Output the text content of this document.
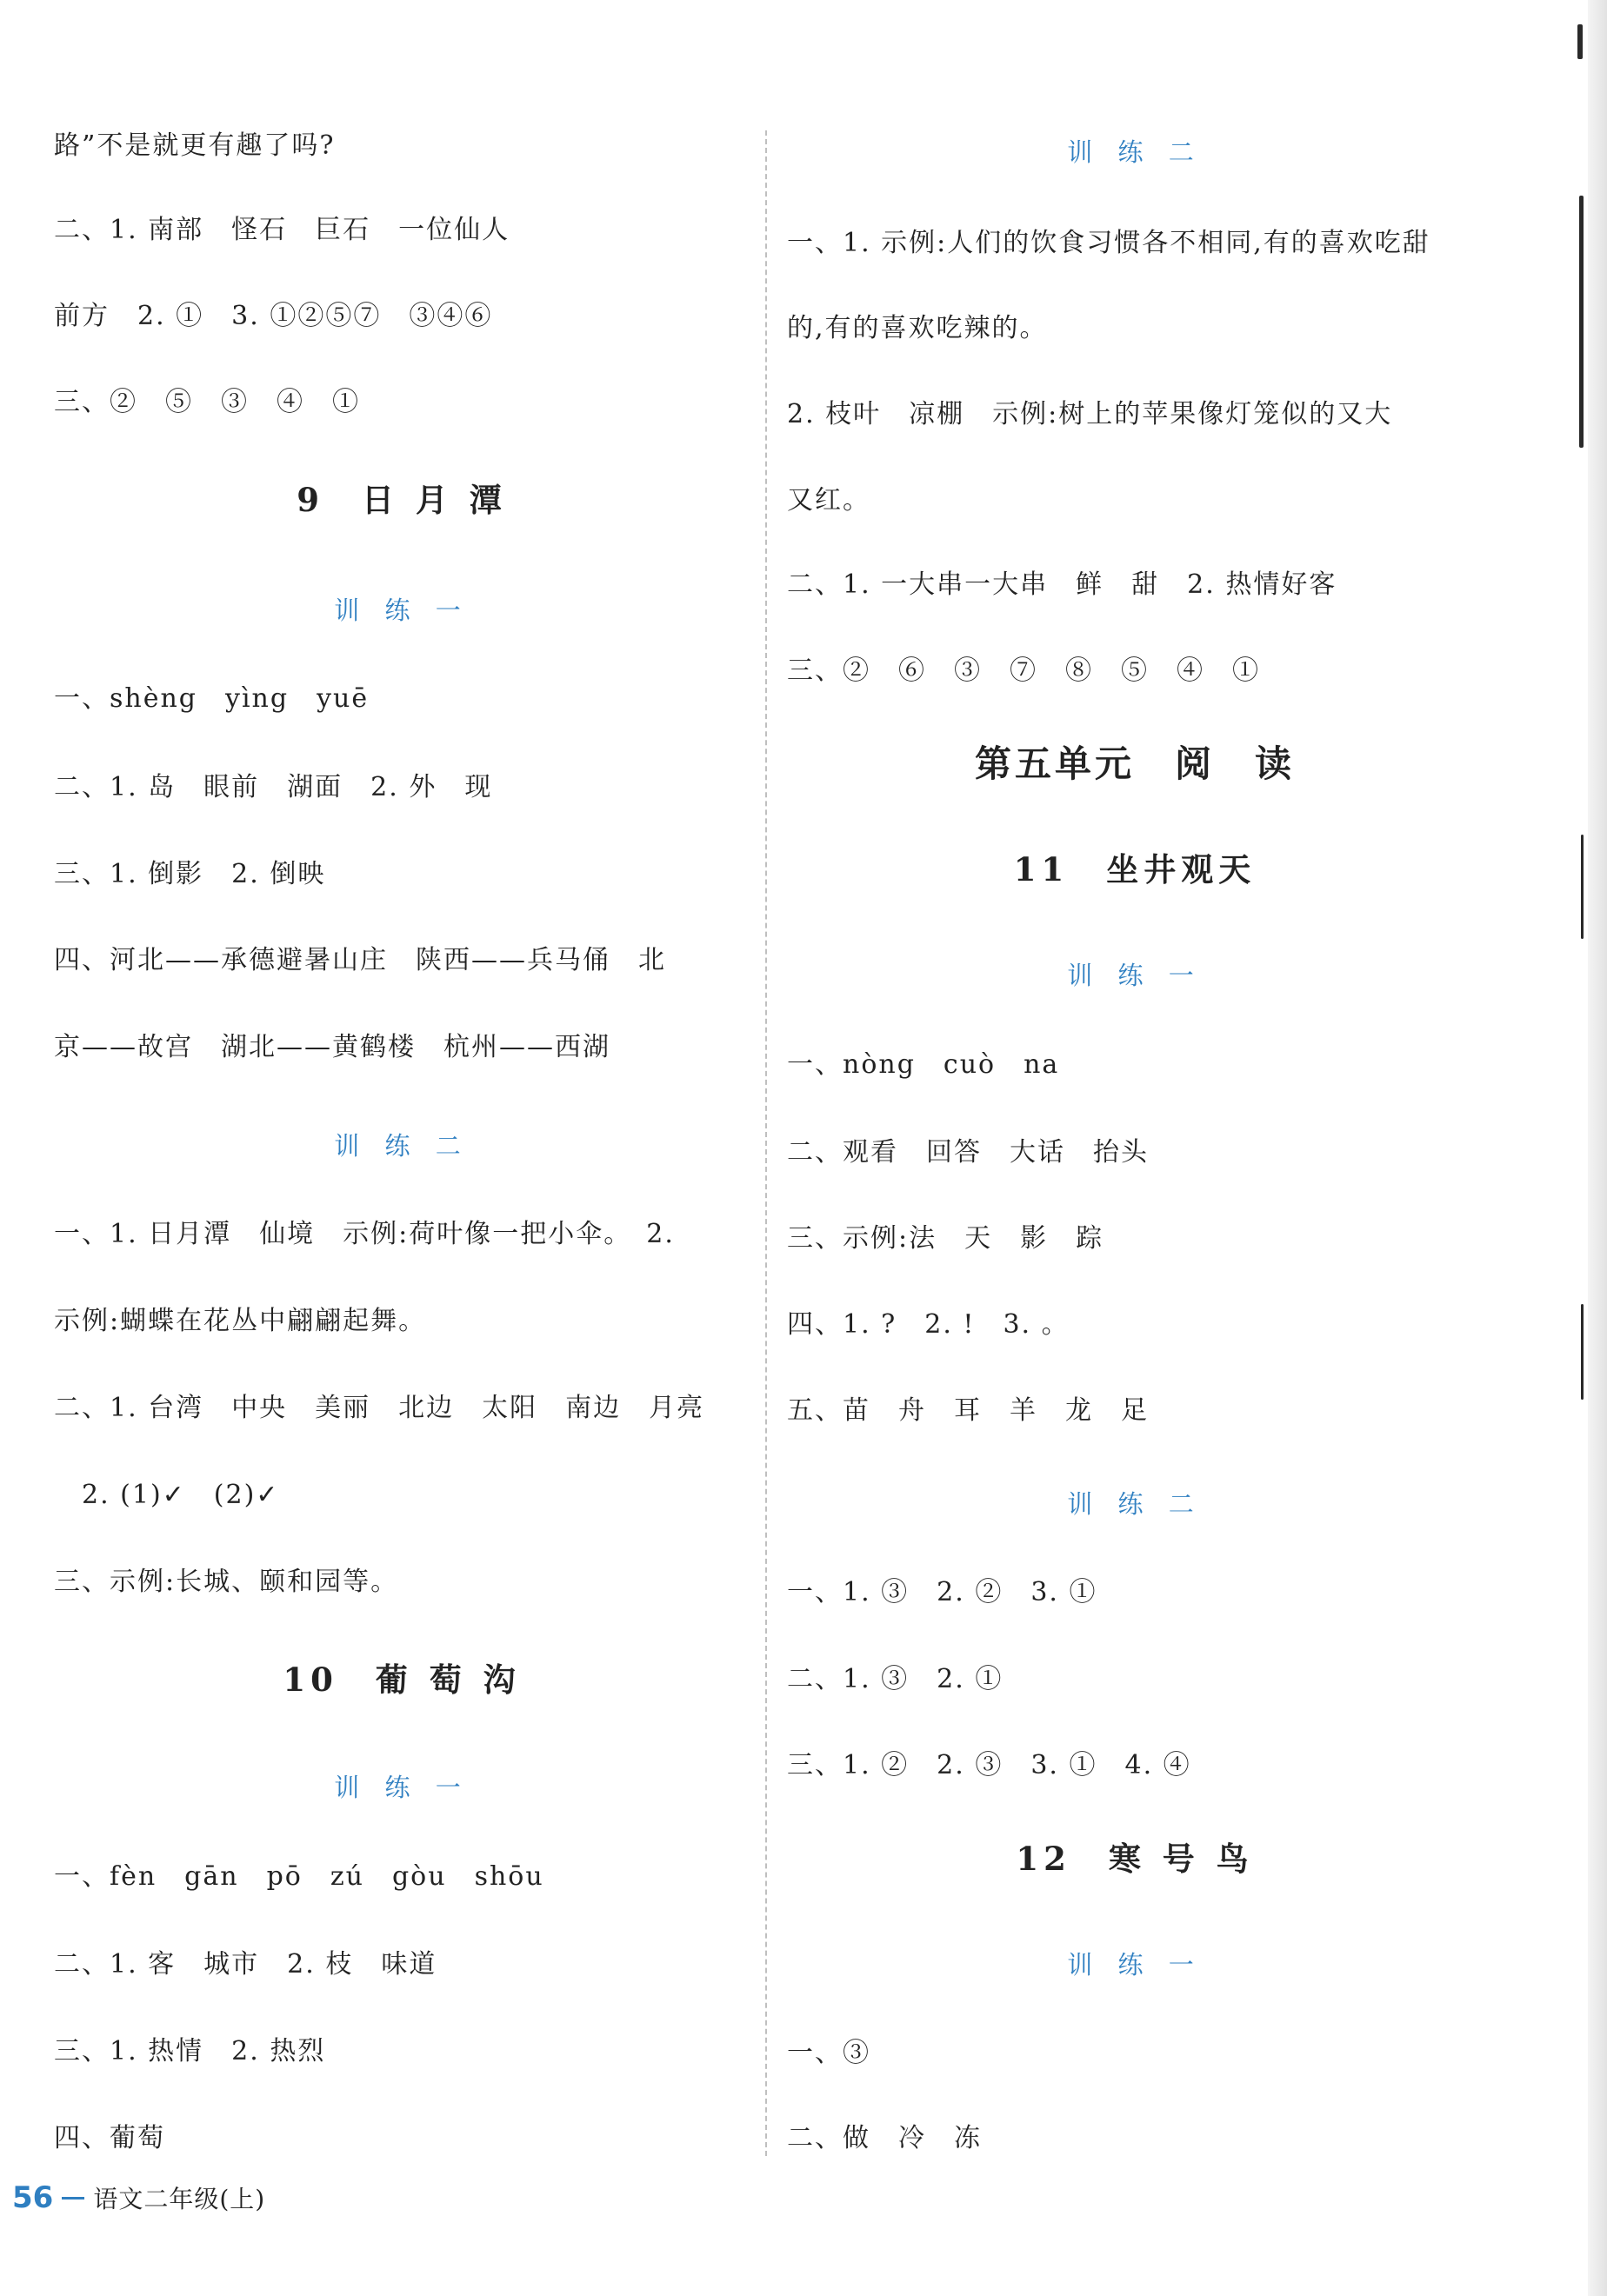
路”不是就更有趣了吗?
二、1. 南部　怪石　巨石　一位仙人
前方　2. ①　3. ①②⑤⑦　③④⑥
三、②　⑤　③　④　①
9　日 月 潭
训 练 一
一、shèng　yìng　yuē
二、1. 岛　眼前　湖面　2. 外　现
三、1. 倒影　2. 倒映
四、河北——承德避暑山庄　陕西——兵马俑　北
京——故宫　湖北——黄鹤楼　杭州——西湖
训 练 二
一、1. 日月潭　仙境　示例:荷叶像一把小伞。　2.
示例:蝴蝶在花丛中翩翩起舞。
二、1. 台湾　中央　美丽　北边　太阳　南边　月亮
2. (1)✓　(2)✓
三、示例:长城、颐和园等。
10　葡 萄 沟
训 练 一
一、fèn　gān　pō　zú　gòu　shōu
二、1. 客　城市　2. 枝　味道
三、1. 热情　2. 热烈
四、葡萄
训 练 二
一、1. 示例:人们的饮食习惯各不相同,有的喜欢吃甜
的,有的喜欢吃辣的。
2. 枝叶　凉棚　示例:树上的苹果像灯笼似的又大
又红。
二、1. 一大串一大串　鲜　甜　2. 热情好客
三、②　⑥　③　⑦　⑧　⑤　④　①
第五单元　阅　读
11　坐井观天
训 练 一
一、nòng　cuò　na
二、观看　回答　大话　抬头
三、示例:法　天　影　踪
四、1. ?　2. !　3. 。
五、苗　舟　耳　羊　龙　足
训 练 二
一、1. ③　2. ②　3. ①
二、1. ③　2. ①
三、1. ②　2. ③　3. ①　4. ④
12　寒 号 鸟
训 练 一
一、③
二、做　冷　冻
56 语文二年级(上)
